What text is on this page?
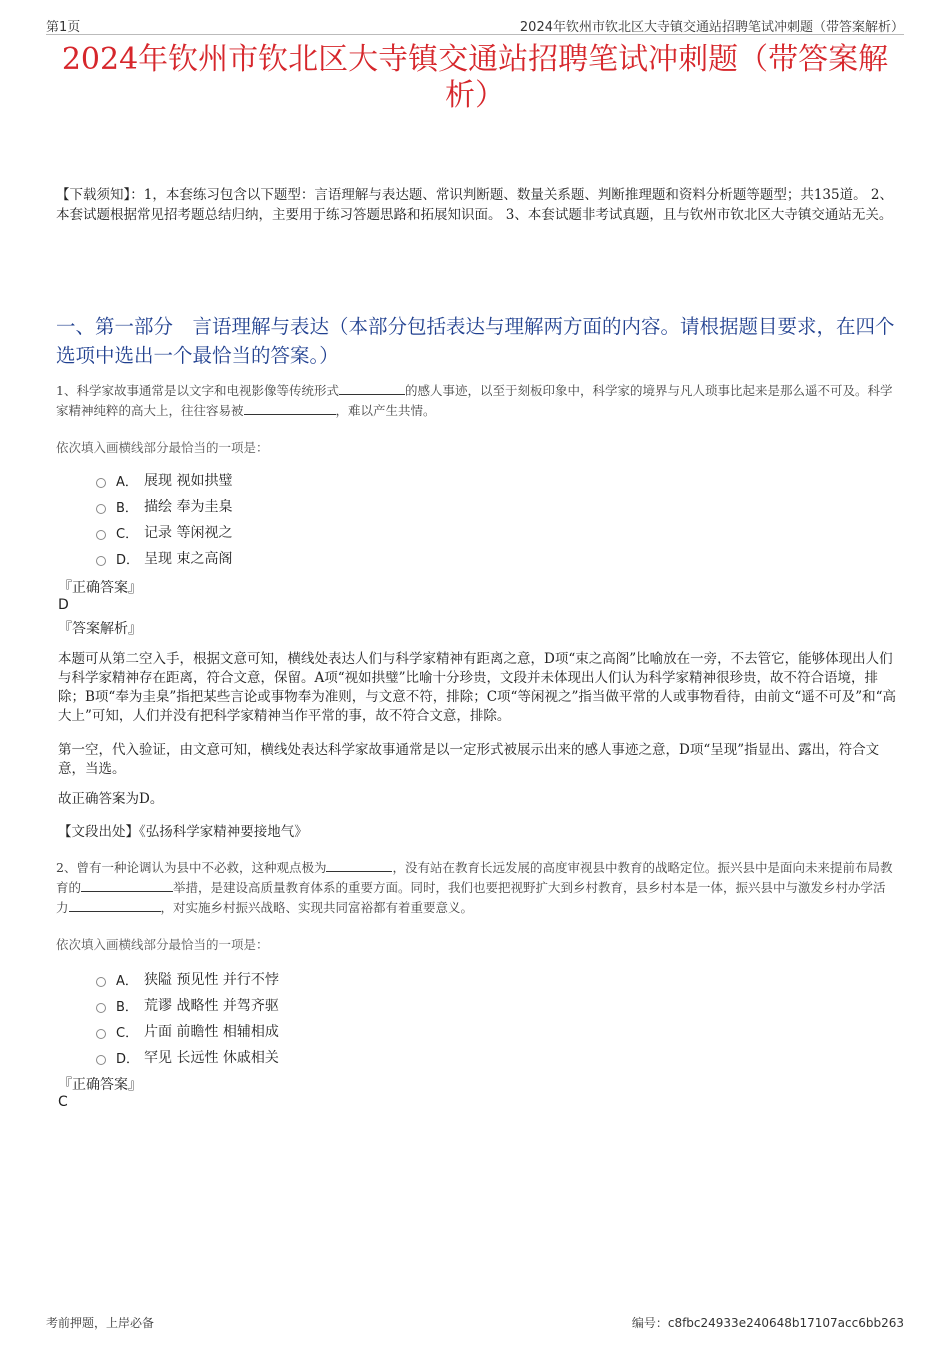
第1页	2024年钦州市钦北区大寺镇交通站招聘笔试冲刺题（带答案解析）
2024年钦州市钦北区大寺镇交通站招聘笔试冲刺题（带答案解析）
【下载须知】：1，本套练习包含以下题型：言语理解与表达题、常识判断题、数量关系题、判断推理题和资料分析题等题型；共135道。 2、本套试题根据常见招考题总结归纳，主要用于练习答题思路和拓展知识面。 3、本套试题非考试真题，且与钦州市钦北区大寺镇交通站无关。
一、第一部分　言语理解与表达（本部分包括表达与理解两方面的内容。请根据题目要求，在四个选项中选出一个最恰当的答案。）
1、科学家故事通常是以文字和电视影像等传统形式	的感人事迹，以至于刻板印象中，科学家的境界与凡人琐事比起来是那么遥不可及。科学家精神纯粹的高大上，往往容易被	，难以产生共情。
依次填入画横线部分最恰当的一项是：
A． 展现 视如拱璧
B． 描绘 奉为圭臬
C． 记录 等闲视之
D． 呈现 束之高阁
『正确答案』
D
『答案解析』
本题可从第二空入手，根据文意可知，横线处表达人们与科学家精神有距离之意，D项“束之高阁”比喻放在一旁，不去管它，能够体现出人们与科学家精神存在距离，符合文意，保留。A项“视如拱璧”比喻十分珍贵，文段并未体现出人们认为科学家精神很珍贵，故不符合语境，排除；B项“奉为圭臬”指把某些言论或事物奉为准则，与文意不符，排除；C项“等闲视之”指当做平常的人或事物看待，由前文“遥不可及”和“高大上”可知，人们并没有把科学家精神当作平常的事，故不符合文意，排除。
第一空，代入验证，由文意可知，横线处表达科学家故事通常是以一定形式被展示出来的感人事迹之意，D项“呈现”指显出、露出，符合文意，当选。
故正确答案为D。
【文段出处】《弘扬科学家精神要接地气》
2、曾有一种论调认为县中不必救，这种观点极为	，没有站在教育长远发展的高度审视县中教育的战略定位。振兴县中是面向未来提前布局教育的	举措，是建设高质量教育体系的重要方面。同时，我们也要把视野扩大到乡村教育，县乡村本是一体，振兴县中与激发乡村办学活力	，对实施乡村振兴战略、实现共同富裕都有着重要意义。
依次填入画横线部分最恰当的一项是：
A． 狭隘 预见性 并行不悖
B． 荒谬 战略性 并驾齐驱
C． 片面 前瞻性 相辅相成
D． 罕见 长远性 休戚相关
『正确答案』
C
考前押题，上岸必备	编号：c8fbc24933e240648b17107acc6bb263
